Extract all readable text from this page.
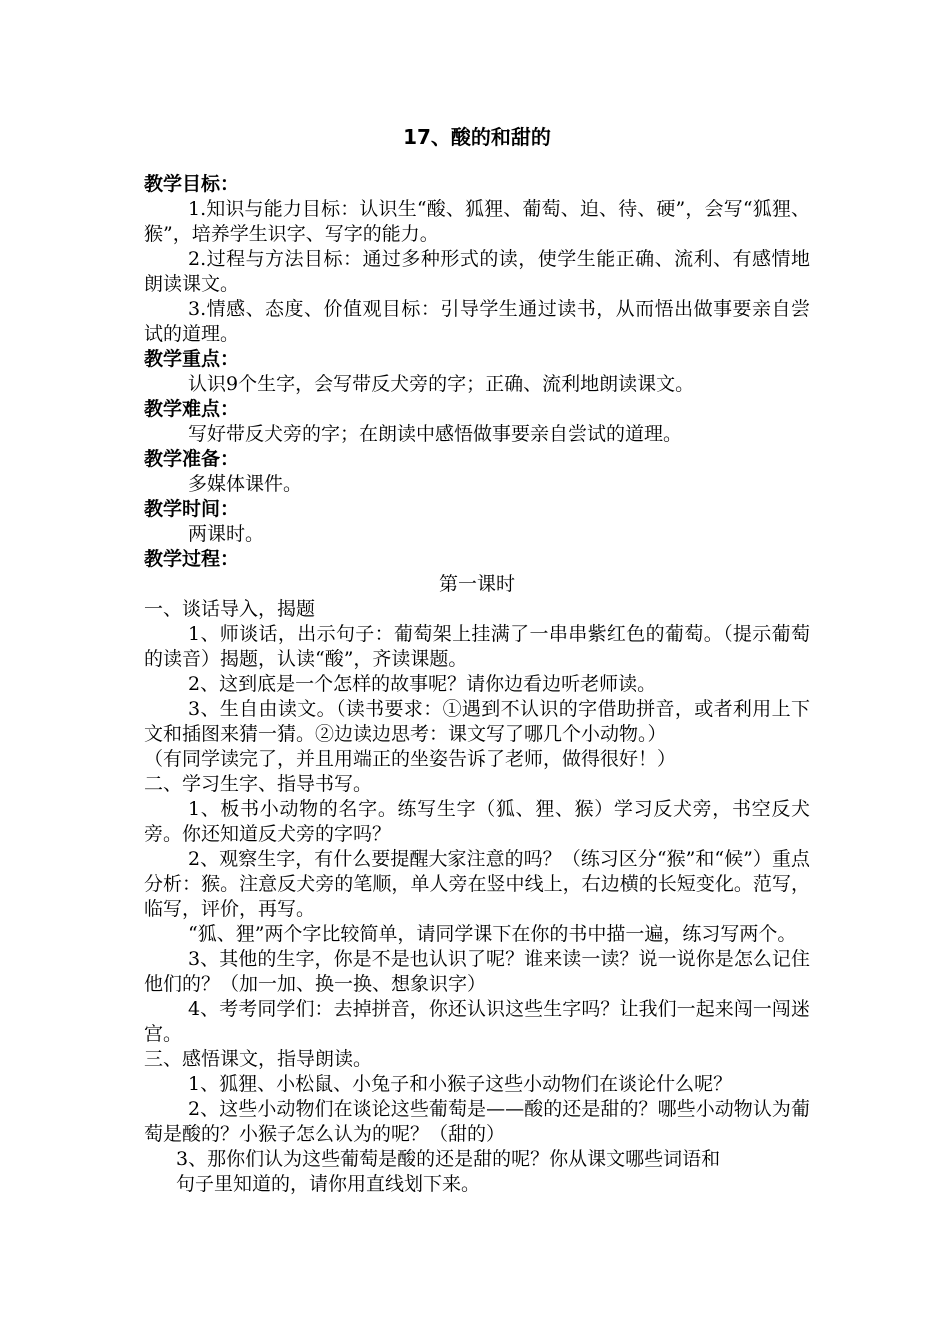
17、酸的和甜的
教学目标：
1.知识与能力目标：认识生“酸、狐狸、葡萄、迫、待、硬”，会写“狐狸、猴”，培养学生识字、写字的能力。
2.过程与方法目标：通过多种形式的读，使学生能正确、流利、有感情地朗读课文。
3.情感、态度、价值观目标：引导学生通过读书，从而悟出做事要亲自尝试的道理。
教学重点：
认识9个生字，会写带反犬旁的字；正确、流利地朗读课文。
教学难点：
写好带反犬旁的字；在朗读中感悟做事要亲自尝试的道理。
教学准备：
多媒体课件。
教学时间：
两课时。
教学过程：
第一课时
一、谈话导入，揭题
1、师谈话，出示句子：葡萄架上挂满了一串串紫红色的葡萄。（提示葡萄的读音）揭题，认读“酸”，齐读课题。
2、这到底是一个怎样的故事呢？请你边看边听老师读。
3、生自由读文。（读书要求：①遇到不认识的字借助拼音，或者利用上下文和插图来猜一猜。②边读边思考：课文写了哪几个小动物。）
（有同学读完了，并且用端正的坐姿告诉了老师，做得很好！）
二、学习生字、指导书写。
1、板书小动物的名字。练写生字（狐、狸、猴）学习反犬旁，书空反犬旁。你还知道反犬旁的字吗？
2、观察生字，有什么要提醒大家注意的吗？（练习区分“猴”和“候”）重点分析：猴。注意反犬旁的笔顺，单人旁在竖中线上，右边横的长短变化。范写，临写，评价，再写。
“狐、狸”两个字比较简单，请同学课下在你的书中描一遍，练习写两个。
3、其他的生字，你是不是也认识了呢？谁来读一读？说一说你是怎么记住他们的？（加一加、换一换、想象识字）
4、考考同学们：去掉拼音，你还认识这些生字吗？让我们一起来闯一闯迷宫。
三、感悟课文，指导朗读。
1、狐狸、小松鼠、小兔子和小猴子这些小动物们在谈论什么呢？
2、这些小动物们在谈论这些葡萄是——酸的还是甜的？哪些小动物认为葡萄是酸的？小猴子怎么认为的呢？（甜的）
3、那你们认为这些葡萄是酸的还是甜的呢？你从课文哪些词语和
句子里知道的，请你用直线划下来。
